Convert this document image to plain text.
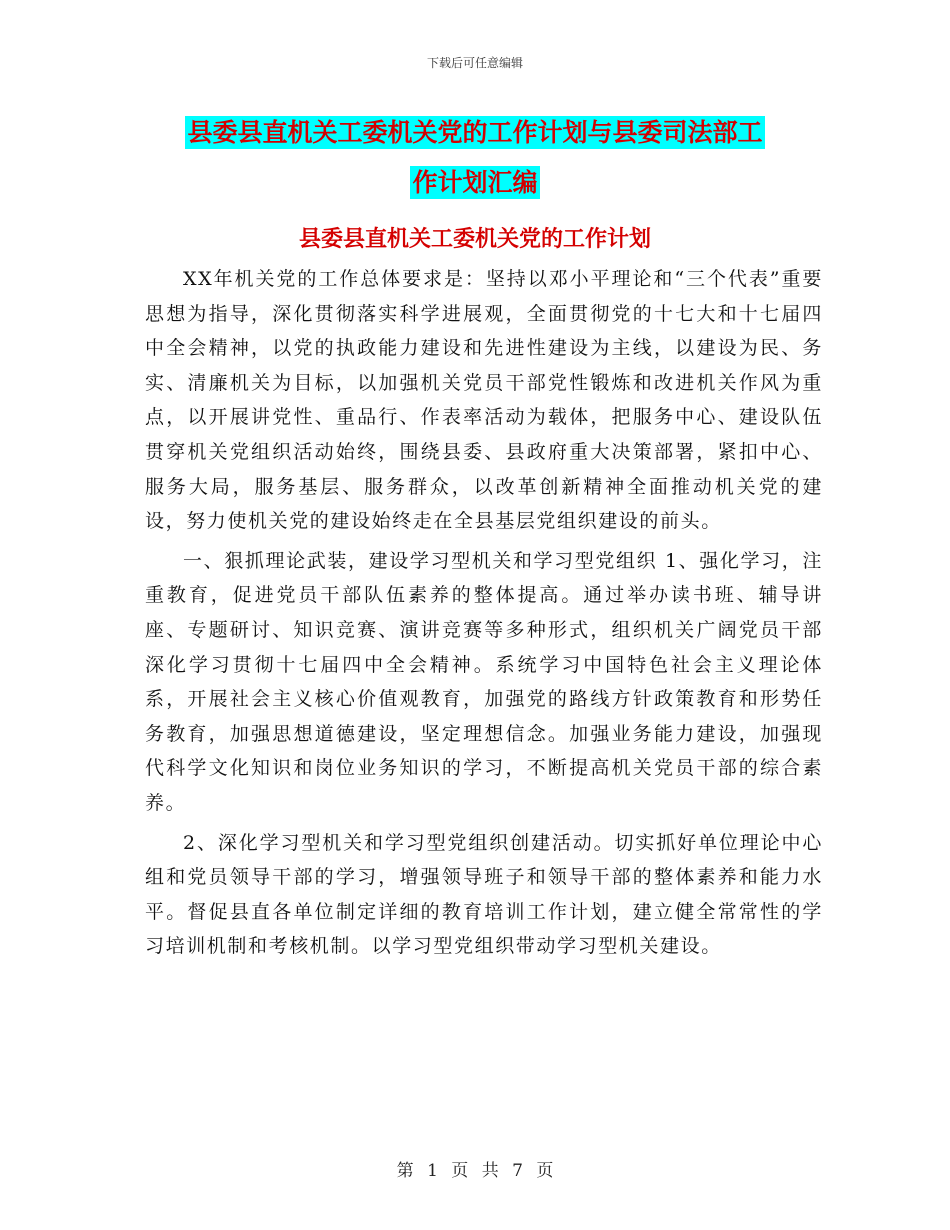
下载后可任意编辑
县委县直机关工委机关党的工作计划与县委司法部工
作计划汇编
县委县直机关工委机关党的工作计划

XX年机关党的工作总体要求是：坚持以邓小平理论和“三个代表”重要思想为指导，深化贯彻落实科学进展观，全面贯彻党的十七大和十七届四中全会精神，以党的执政能力建设和先进性建设为主线，以建设为民、务实、清廉机关为目标，以加强机关党员干部党性锻炼和改进机关作风为重点，以开展讲党性、重品行、作表率活动为载体，把服务中心、建设队伍贯穿机关党组织活动始终，围绕县委、县政府重大决策部署，紧扣中心、服务大局，服务基层、服务群众，以改革创新精神全面推动机关党的建设，努力使机关党的建设始终走在全县基层党组织建设的前头。

一、狠抓理论武装，建设学习型机关和学习型党组织 1、强化学习，注重教育，促进党员干部队伍素养的整体提高。通过举办读书班、辅导讲座、专题研讨、知识竞赛、演讲竞赛等多种形式，组织机关广阔党员干部深化学习贯彻十七届四中全会精神。系统学习中国特色社会主义理论体系，开展社会主义核心价值观教育，加强党的路线方针政策教育和形势任务教育，加强思想道德建设，坚定理想信念。加强业务能力建设，加强现代科学文化知识和岗位业务知识的学习，不断提高机关党员干部的综合素养。

2、深化学习型机关和学习型党组织创建活动。切实抓好单位理论中心组和党员领导干部的学习，增强领导班子和领导干部的整体素养和能力水平。督促县直各单位制定详细的教育培训工作计划，建立健全常常性的学习培训机制和考核机制。以学习型党组织带动学习型机关建设。

第 1 页 共 7 页
